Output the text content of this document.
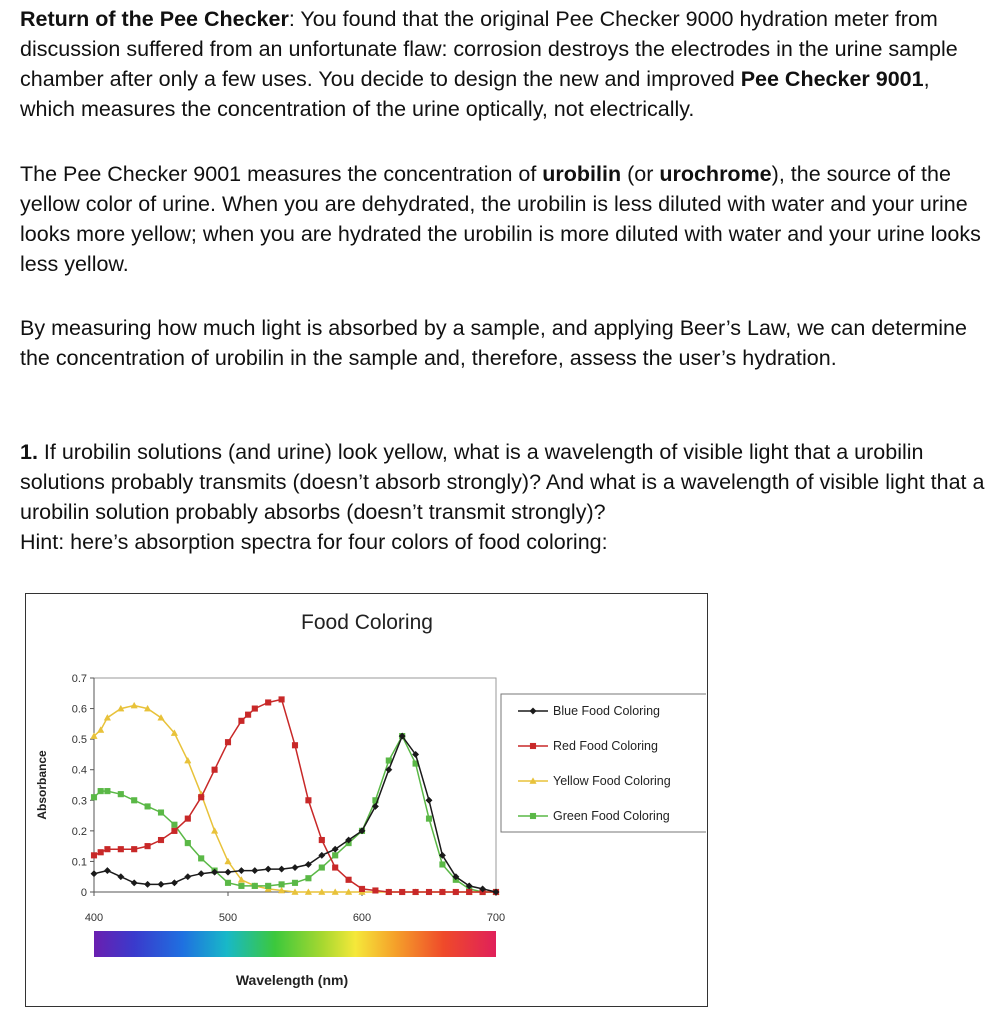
Return of the Pee Checker: You found that the original Pee Checker 9000 hydration meter from discussion suffered from an unfortunate flaw: corrosion destroys the electrodes in the urine sample chamber after only a few uses. You decide to design the new and improved Pee Checker 9001, which measures the concentration of the urine optically, not electrically.

The Pee Checker 9001 measures the concentration of urobilin (or urochrome), the source of the yellow color of urine. When you are dehydrated, the urobilin is less diluted with water and your urine looks more yellow; when you are hydrated the urobilin is more diluted with water and your urine looks less yellow.

By measuring how much light is absorbed by a sample, and applying Beer’s Law, we can determine the concentration of urobilin in the sample and, therefore, assess the user’s hydration.

1. If urobilin solutions (and urine) look yellow, what is a wavelength of visible light that a urobilin solutions probably transmits (doesn’t absorb strongly)? And what is a wavelength of visible light that a urobilin solution probably absorbs (doesn’t transmit strongly)?
Hint: here’s absorption spectra for four colors of food coloring:
Food Coloring
Absorbance
Wavelength (nm)
0
0.1
0.2
0.3
0.4
0.5
0.6
0.7
400	500	600	700
Blue Food Coloring
Red Food Coloring
Yellow Food Coloring
Green Food Coloring
